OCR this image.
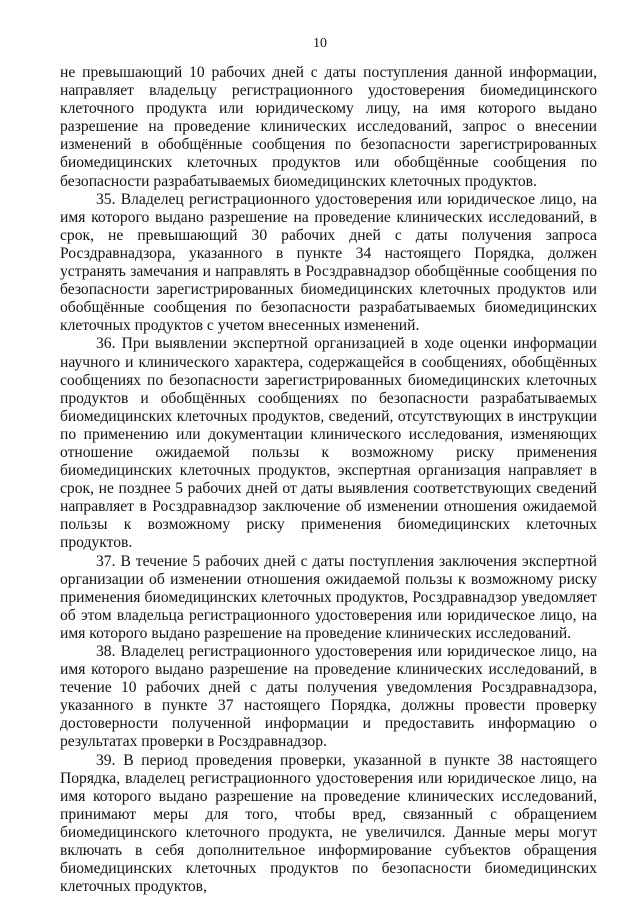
10

не превышающий 10 рабочих дней с даты поступления данной информации, направляет владельцу регистрационного удостоверения биомедицинского клеточного продукта или юридическому лицу, на имя которого выдано разрешение на проведение клинических исследований, запрос о внесении изменений в обобщённые сообщения по безопасности зарегистрированных биомедицинских клеточных продуктов или обобщённые сообщения по безопасности разрабатываемых биомедицинских клеточных продуктов.

35. Владелец регистрационного удостоверения или юридическое лицо, на имя которого выдано разрешение на проведение клинических исследований, в срок, не превышающий 30 рабочих дней с даты получения запроса Росздравнадзора, указанного в пункте 34 настоящего Порядка, должен устранять замечания и направлять в Росздравнадзор обобщённые сообщения по безопасности зарегистрированных биомедицинских клеточных продуктов или обобщённые сообщения по безопасности разрабатываемых биомедицинских клеточных продуктов с учетом внесенных изменений.

36. При выявлении экспертной организацией в ходе оценки информации научного и клинического характера, содержащейся в сообщениях, обобщённых сообщениях по безопасности зарегистрированных биомедицинских клеточных продуктов и обобщённых сообщениях по безопасности разрабатываемых биомедицинских клеточных продуктов, сведений, отсутствующих в инструкции по применению или документации клинического исследования, изменяющих отношение ожидаемой пользы к возможному риску применения биомедицинских клеточных продуктов, экспертная организация направляет в срок, не позднее 5 рабочих дней от даты выявления соответствующих сведений направляет в Росздравнадзор заключение об изменении отношения ожидаемой пользы к возможному риску применения биомедицинских клеточных продуктов.

37. В течение 5 рабочих дней с даты поступления заключения экспертной организации об изменении отношения ожидаемой пользы к возможному риску применения биомедицинских клеточных продуктов, Росздравнадзор уведомляет об этом владельца регистрационного удостоверения или юридическое лицо, на имя которого выдано разрешение на проведение клинических исследований.

38. Владелец регистрационного удостоверения или юридическое лицо, на имя которого выдано разрешение на проведение клинических исследований, в течение 10 рабочих дней с даты получения уведомления Росздравнадзора, указанного в пункте 37 настоящего Порядка, должны провести проверку достоверности полученной информации и предоставить информацию о результатах проверки в Росздравнадзор.

39. В период проведения проверки, указанной в пункте 38 настоящего Порядка, владелец регистрационного удостоверения или юридическое лицо, на имя которого выдано разрешение на проведение клинических исследований, принимают меры для того, чтобы вред, связанный с обращением биомедицинского клеточного продукта, не увеличился. Данные меры могут включать в себя дополнительное информирование субъектов обращения биомедицинских клеточных продуктов по безопасности биомедицинских клеточных продуктов,
